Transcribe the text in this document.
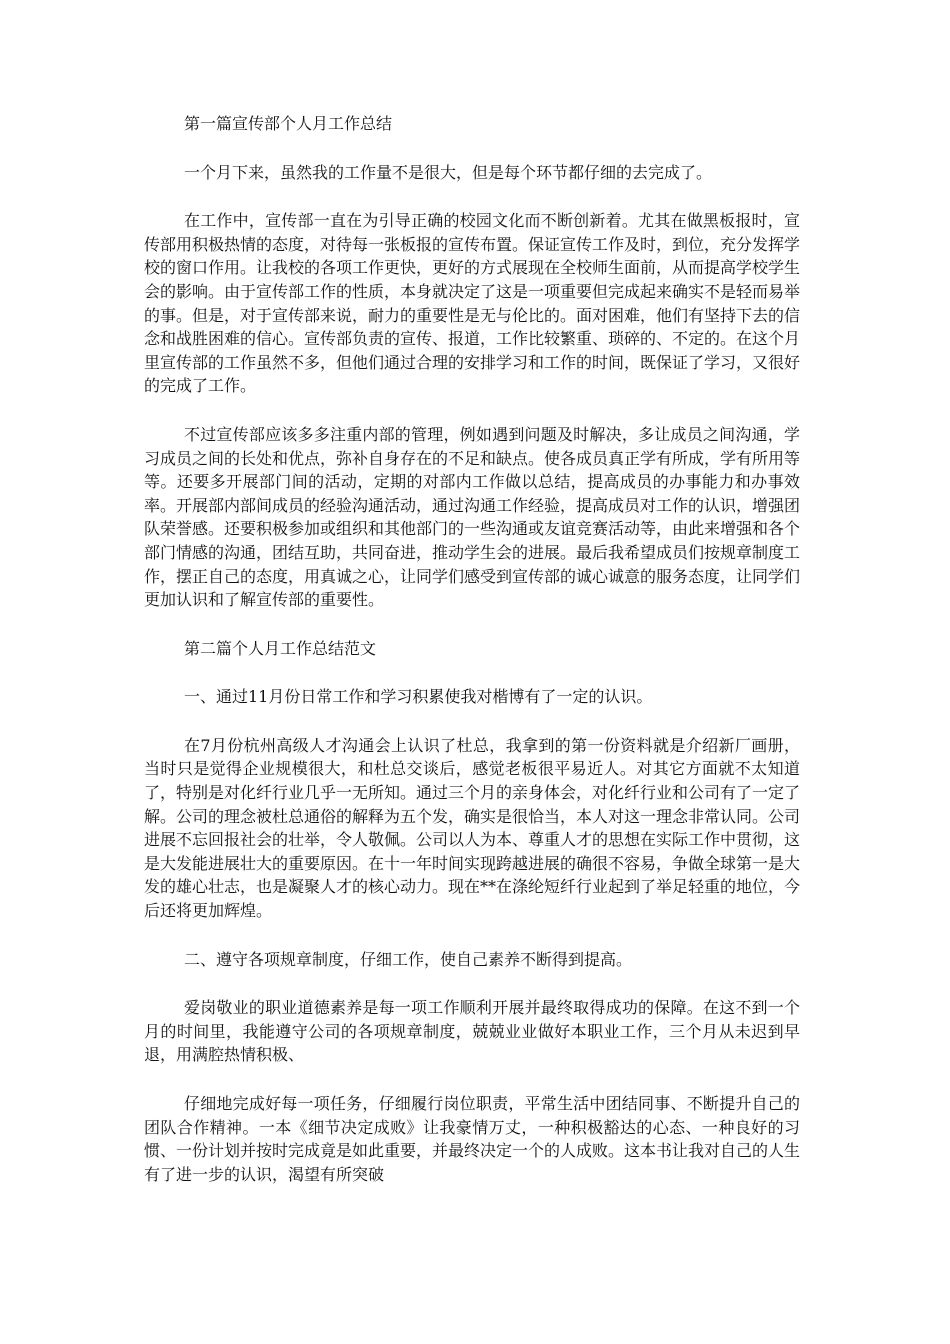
第一篇宣传部个人月工作总结

一个月下来，虽然我的工作量不是很大，但是每个环节都仔细的去完成了。

在工作中，宣传部一直在为引导正确的校园文化而不断创新着。尤其在做黑板报时，宣传部用积极热情的态度，对待每一张板报的宣传布置。保证宣传工作及时，到位，充分发挥学校的窗口作用。让我校的各项工作更快，更好的方式展现在全校师生面前，从而提高学校学生会的影响。由于宣传部工作的性质，本身就决定了这是一项重要但完成起来确实不是轻而易举的事。但是，对于宣传部来说，耐力的重要性是无与伦比的。面对困难，他们有坚持下去的信念和战胜困难的信心。宣传部负责的宣传、报道，工作比较繁重、琐碎的、不定的。在这个月里宣传部的工作虽然不多，但他们通过合理的安排学习和工作的时间，既保证了学习，又很好的完成了工作。

不过宣传部应该多多注重内部的管理，例如遇到问题及时解决，多让成员之间沟通，学习成员之间的长处和优点，弥补自身存在的不足和缺点。使各成员真正学有所成，学有所用等等。还要多开展部门间的活动，定期的对部内工作做以总结，提高成员的办事能力和办事效率。开展部内部间成员的经验沟通活动，通过沟通工作经验，提高成员对工作的认识，增强团队荣誉感。还要积极参加或组织和其他部门的一些沟通或友谊竞赛活动等，由此来增强和各个部门情感的沟通，团结互助，共同奋进，推动学生会的进展。最后我希望成员们按规章制度工作，摆正自己的态度，用真诚之心，让同学们感受到宣传部的诚心诚意的服务态度，让同学们更加认识和了解宣传部的重要性。

第二篇个人月工作总结范文

一、通过11月份日常工作和学习积累使我对楷博有了一定的认识。

在7月份杭州高级人才沟通会上认识了杜总，我拿到的第一份资料就是介绍新厂画册，当时只是觉得企业规模很大，和杜总交谈后，感觉老板很平易近人。对其它方面就不太知道了，特别是对化纤行业几乎一无所知。通过三个月的亲身体会，对化纤行业和公司有了一定了解。公司的理念被杜总通俗的解释为五个发，确实是很恰当，本人对这一理念非常认同。公司进展不忘回报社会的壮举，令人敬佩。公司以人为本、尊重人才的思想在实际工作中贯彻，这是大发能进展壮大的重要原因。在十一年时间实现跨越进展的确很不容易，争做全球第一是大发的雄心壮志，也是凝聚人才的核心动力。现在**在涤纶短纤行业起到了举足轻重的地位，今后还将更加辉煌。

二、遵守各项规章制度，仔细工作，使自己素养不断得到提高。

爱岗敬业的职业道德素养是每一项工作顺利开展并最终取得成功的保障。在这不到一个月的时间里，我能遵守公司的各项规章制度，兢兢业业做好本职业工作，三个月从未迟到早退，用满腔热情积极、

仔细地完成好每一项任务，仔细履行岗位职责，平常生活中团结同事、不断提升自己的团队合作精神。一本《细节决定成败》让我豪情万丈，一种积极豁达的心态、一种良好的习惯、一份计划并按时完成竟是如此重要，并最终决定一个的人成败。这本书让我对自己的人生有了进一步的认识，渴望有所突破
